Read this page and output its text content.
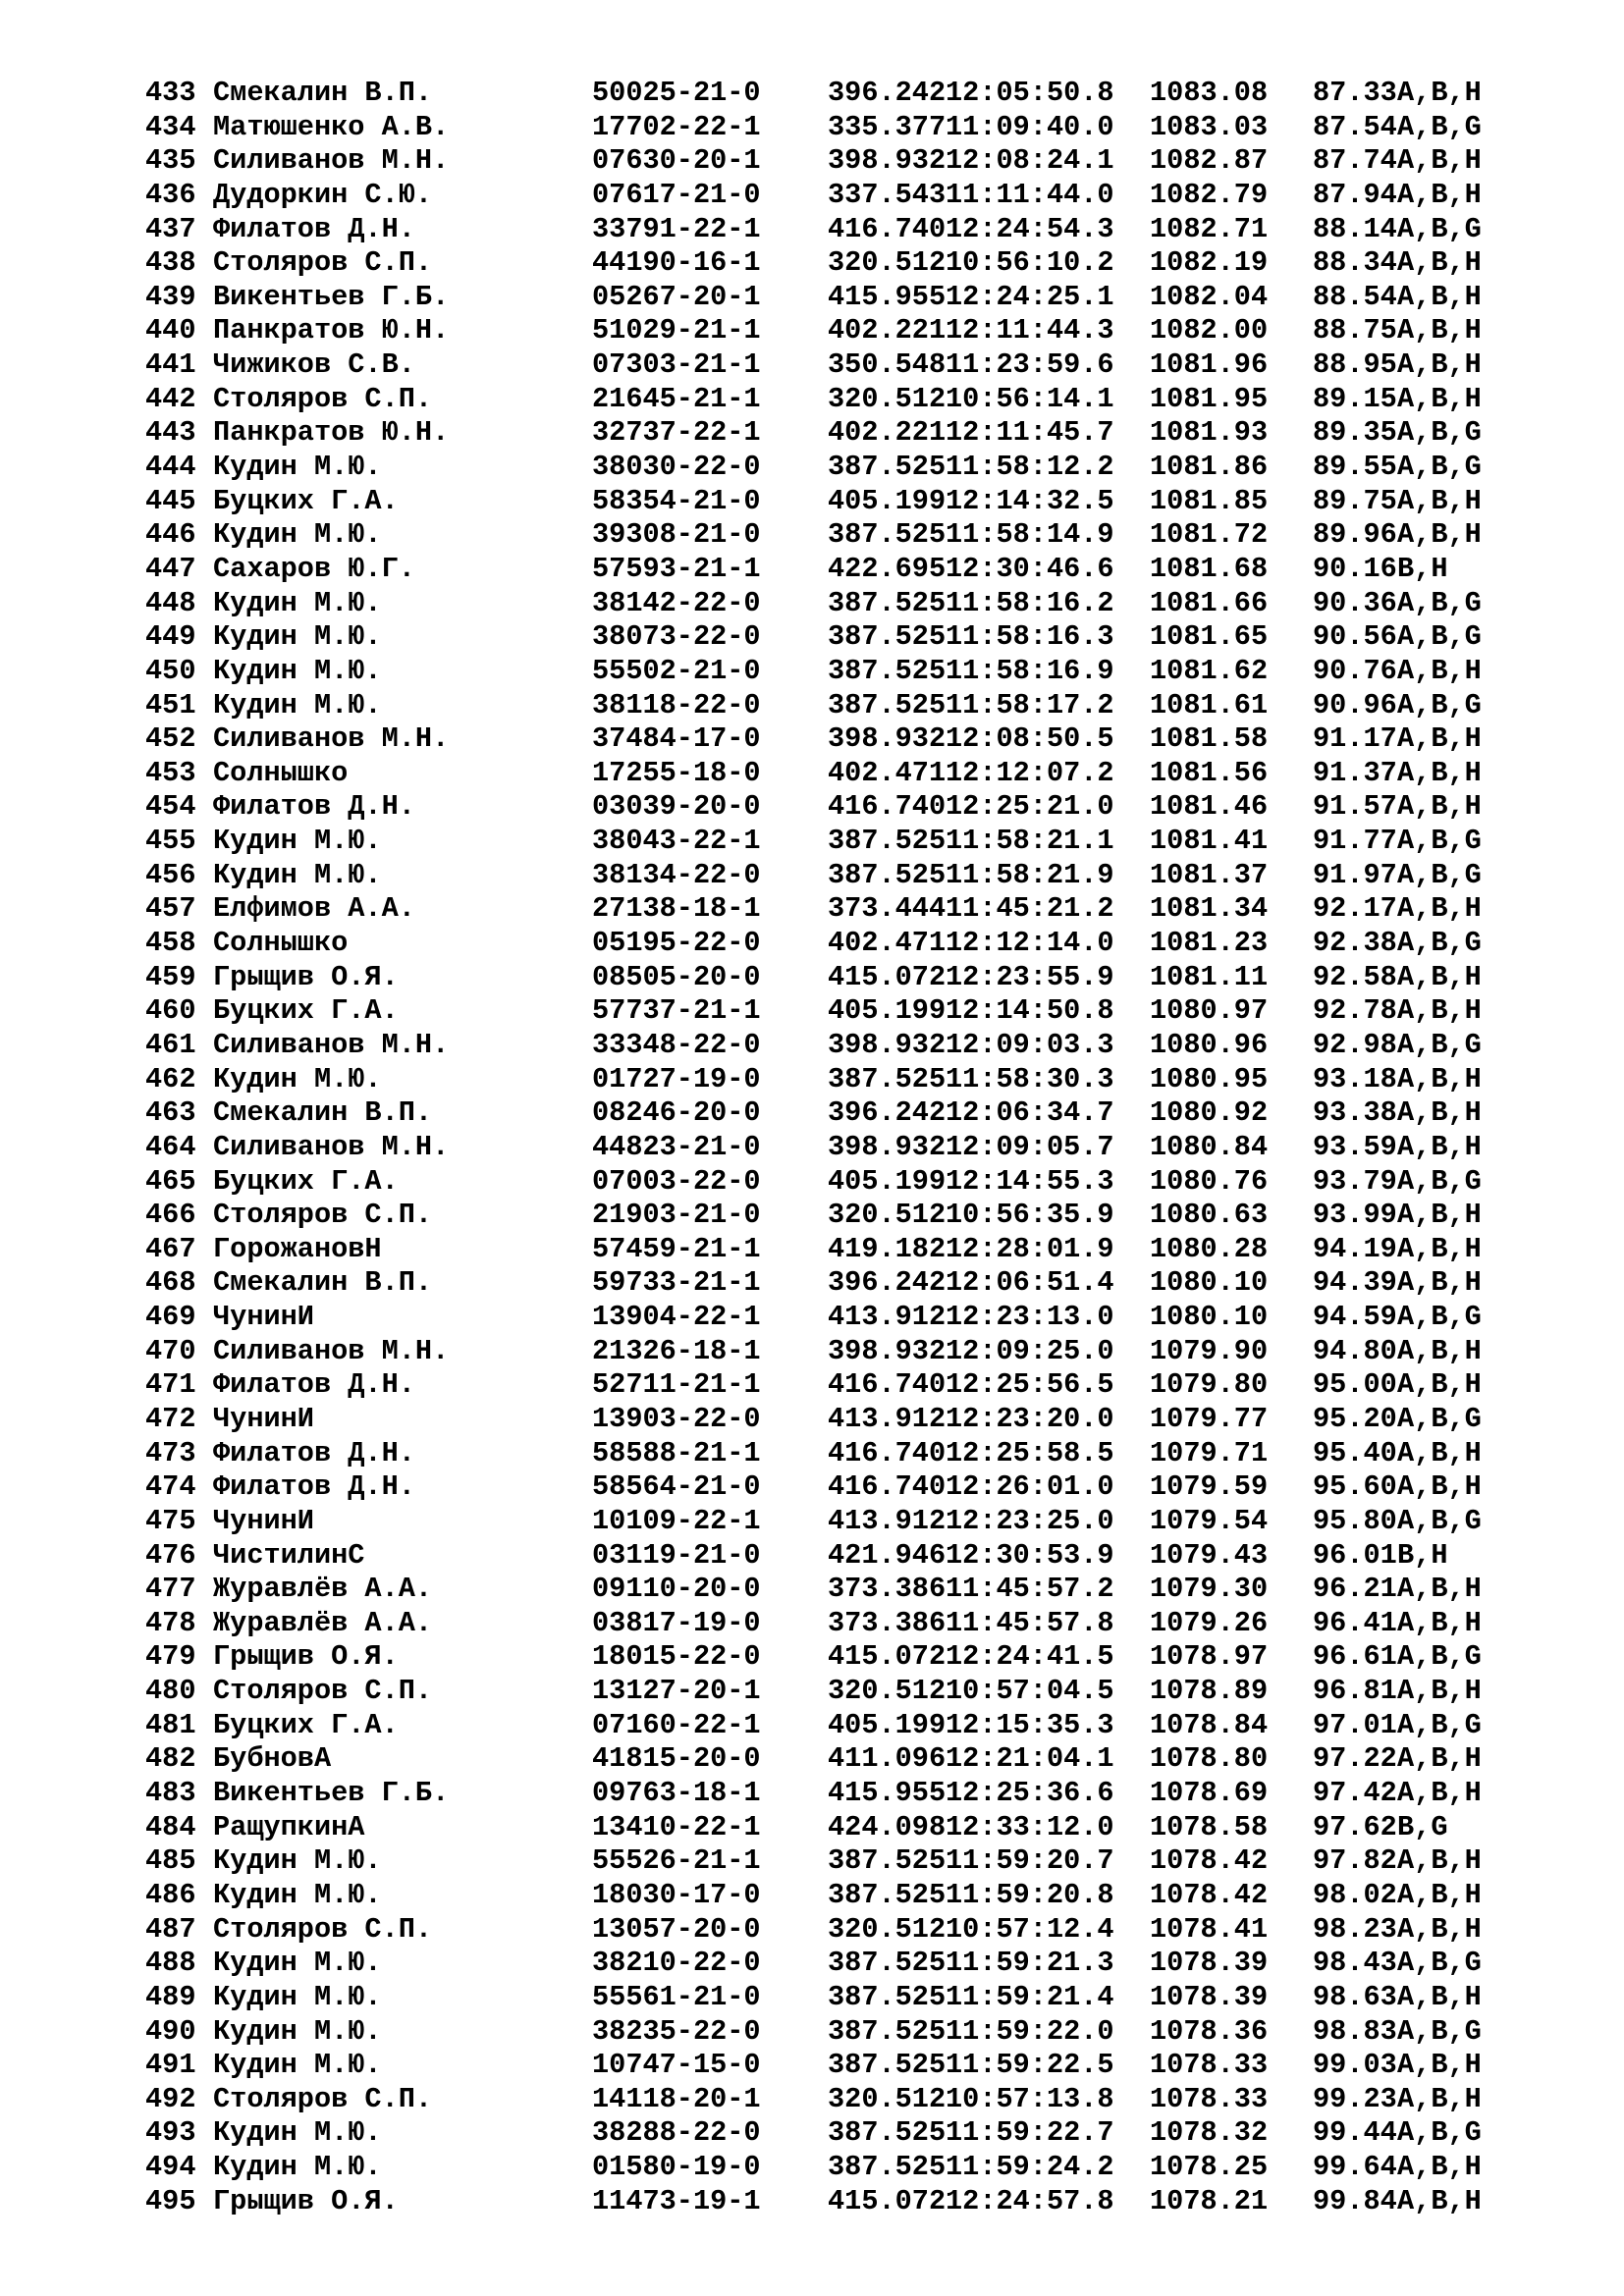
433 Смекалин В.П.	50025-21-0 396.24212:05:50.8 1083.08 87.33A,B,H
434 Матюшенко А.В.	17702-22-1 335.37711:09:40.0 1083.03 87.54A,B,G
435 Силиванов М.Н.	07630-20-1 398.93212:08:24.1 1082.87 87.74A,B,H
436 Дудоркин С.Ю.	07617-21-0 337.54311:11:44.0 1082.79 87.94A,B,H
437 Филатов Д.Н.	33791-22-1 416.74012:24:54.3 1082.71 88.14A,B,G
438 Столяров С.П.	44190-16-1 320.51210:56:10.2 1082.19 88.34A,B,H
439 Викентьев Г.Б.	05267-20-1 415.95512:24:25.1 1082.04 88.54A,B,H
440 Панкратов Ю.Н.	51029-21-1 402.22112:11:44.3 1082.00 88.75A,B,H
441 Чижиков С.В.	07303-21-1 350.54811:23:59.6 1081.96 88.95A,B,H
442 Столяров С.П.	21645-21-1 320.51210:56:14.1 1081.95 89.15A,B,H
443 Панкратов Ю.Н.	32737-22-1 402.22112:11:45.7 1081.93 89.35A,B,G
444 Кудин М.Ю.	38030-22-0 387.52511:58:12.2 1081.86 89.55A,B,G
445 Буцких Г.А.	58354-21-0 405.19912:14:32.5 1081.85 89.75A,B,H
446 Кудин М.Ю.	39308-21-0 387.52511:58:14.9 1081.72 89.96A,B,H
447 Сахаров Ю.Г.	57593-21-1 422.69512:30:46.6 1081.68 90.16B,H
448 Кудин М.Ю.	38142-22-0 387.52511:58:16.2 1081.66 90.36A,B,G
449 Кудин М.Ю.	38073-22-0 387.52511:58:16.3 1081.65 90.56A,B,G
450 Кудин М.Ю.	55502-21-0 387.52511:58:16.9 1081.62 90.76A,B,H
451 Кудин М.Ю.	38118-22-0 387.52511:58:17.2 1081.61 90.96A,B,G
452 Силиванов М.Н.	37484-17-0 398.93212:08:50.5 1081.58 91.17A,B,H
453 Солнышко	17255-18-0 402.47112:12:07.2 1081.56 91.37A,B,H
454 Филатов Д.Н.	03039-20-0 416.74012:25:21.0 1081.46 91.57A,B,H
455 Кудин М.Ю.	38043-22-1 387.52511:58:21.1 1081.41 91.77A,B,G
456 Кудин М.Ю.	38134-22-0 387.52511:58:21.9 1081.37 91.97A,B,G
457 Елфимов А.А.	27138-18-1 373.44411:45:21.2 1081.34 92.17A,B,H
458 Солнышко	05195-22-0 402.47112:12:14.0 1081.23 92.38A,B,G
459 Грыщив О.Я.	08505-20-0 415.07212:23:55.9 1081.11 92.58A,B,H
460 Буцких Г.А.	57737-21-1 405.19912:14:50.8 1080.97 92.78A,B,H
461 Силиванов М.Н.	33348-22-0 398.93212:09:03.3 1080.96 92.98A,B,G
462 Кудин М.Ю.	01727-19-0 387.52511:58:30.3 1080.95 93.18A,B,H
463 Смекалин В.П.	08246-20-0 396.24212:06:34.7 1080.92 93.38A,B,H
464 Силиванов М.Н.	44823-21-0 398.93212:09:05.7 1080.84 93.59A,B,H
465 Буцких Г.А.	07003-22-0 405.19912:14:55.3 1080.76 93.79A,B,G
466 Столяров С.П.	21903-21-0 320.51210:56:35.9 1080.63 93.99A,B,H
467 ГорожановН	57459-21-1 419.18212:28:01.9 1080.28 94.19A,B,H
468 Смекалин В.П.	59733-21-1 396.24212:06:51.4 1080.10 94.39A,B,H
469 ЧунинИ	13904-22-1 413.91212:23:13.0 1080.10 94.59A,B,G
470 Силиванов М.Н.	21326-18-1 398.93212:09:25.0 1079.90 94.80A,B,H
471 Филатов Д.Н.	52711-21-1 416.74012:25:56.5 1079.80 95.00A,B,H
472 ЧунинИ	13903-22-0 413.91212:23:20.0 1079.77 95.20A,B,G
473 Филатов Д.Н.	58588-21-1 416.74012:25:58.5 1079.71 95.40A,B,H
474 Филатов Д.Н.	58564-21-0 416.74012:26:01.0 1079.59 95.60A,B,H
475 ЧунинИ	10109-22-1 413.91212:23:25.0 1079.54 95.80A,B,G
476 ЧистилинС	03119-21-0 421.94612:30:53.9 1079.43 96.01B,H
477 Журавлёв А.А.	09110-20-0 373.38611:45:57.2 1079.30 96.21A,B,H
478 Журавлёв А.А.	03817-19-0 373.38611:45:57.8 1079.26 96.41A,B,H
479 Грыщив О.Я.	18015-22-0 415.07212:24:41.5 1078.97 96.61A,B,G
480 Столяров С.П.	13127-20-1 320.51210:57:04.5 1078.89 96.81A,B,H
481 Буцких Г.А.	07160-22-1 405.19912:15:35.3 1078.84 97.01A,B,G
482 БубновА	41815-20-0 411.09612:21:04.1 1078.80 97.22A,B,H
483 Викентьев Г.Б.	09763-18-1 415.95512:25:36.6 1078.69 97.42A,B,H
484 РащупкинА	13410-22-1 424.09812:33:12.0 1078.58 97.62B,G
485 Кудин М.Ю.	55526-21-1 387.52511:59:20.7 1078.42 97.82A,B,H
486 Кудин М.Ю.	18030-17-0 387.52511:59:20.8 1078.42 98.02A,B,H
487 Столяров С.П.	13057-20-0 320.51210:57:12.4 1078.41 98.23A,B,H
488 Кудин М.Ю.	38210-22-0 387.52511:59:21.3 1078.39 98.43A,B,G
489 Кудин М.Ю.	55561-21-0 387.52511:59:21.4 1078.39 98.63A,B,H
490 Кудин М.Ю.	38235-22-0 387.52511:59:22.0 1078.36 98.83A,B,G
491 Кудин М.Ю.	10747-15-0 387.52511:59:22.5 1078.33 99.03A,B,H
492 Столяров С.П.	14118-20-1 320.51210:57:13.8 1078.33 99.23A,B,H
493 Кудин М.Ю.	38288-22-0 387.52511:59:22.7 1078.32 99.44A,B,G
494 Кудин М.Ю.	01580-19-0 387.52511:59:24.2 1078.25 99.64A,B,H
495 Грыщив О.Я.	11473-19-1 415.07212:24:57.8 1078.21 99.84A,B,H
